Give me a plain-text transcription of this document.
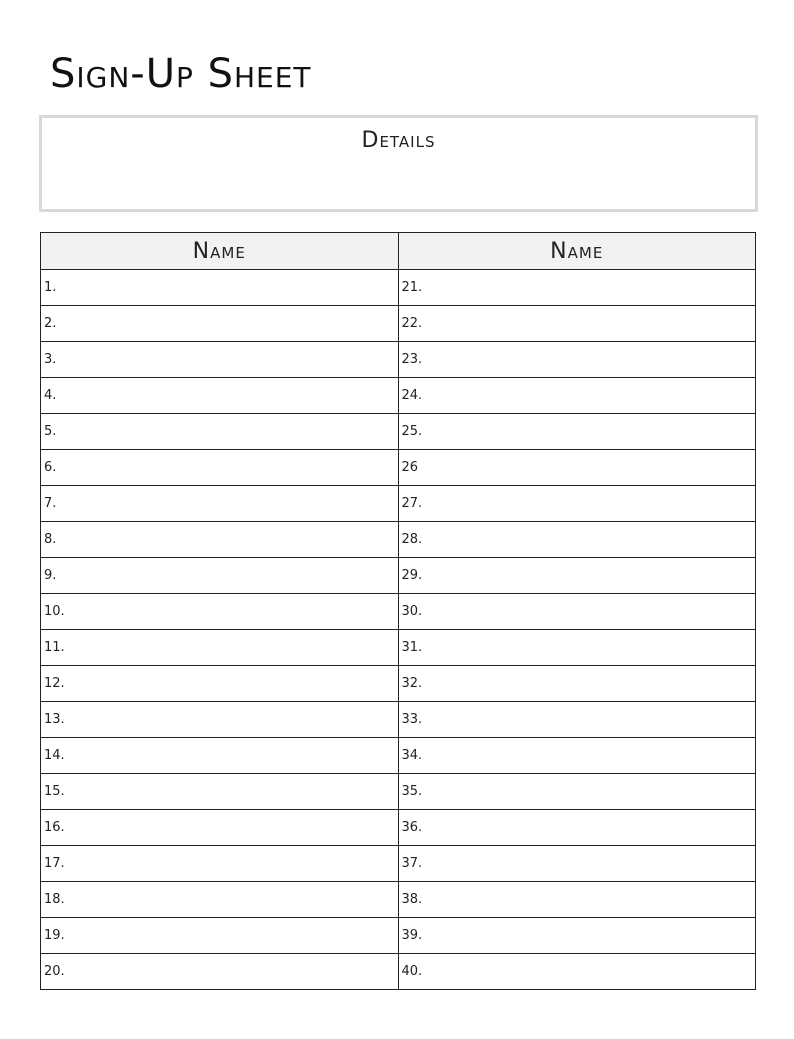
Sign-Up Sheet
Details
Name	Name
1.	21.
2.	22.
3.	23.
4.	24.
5.	25.
6.	26
7.	27.
8.	28.
9.	29.
10.	30.
11.	31.
12.	32.
13.	33.
14.	34.
15.	35.
16.	36.
17.	37.
18.	38.
19.	39.
20.	40.
